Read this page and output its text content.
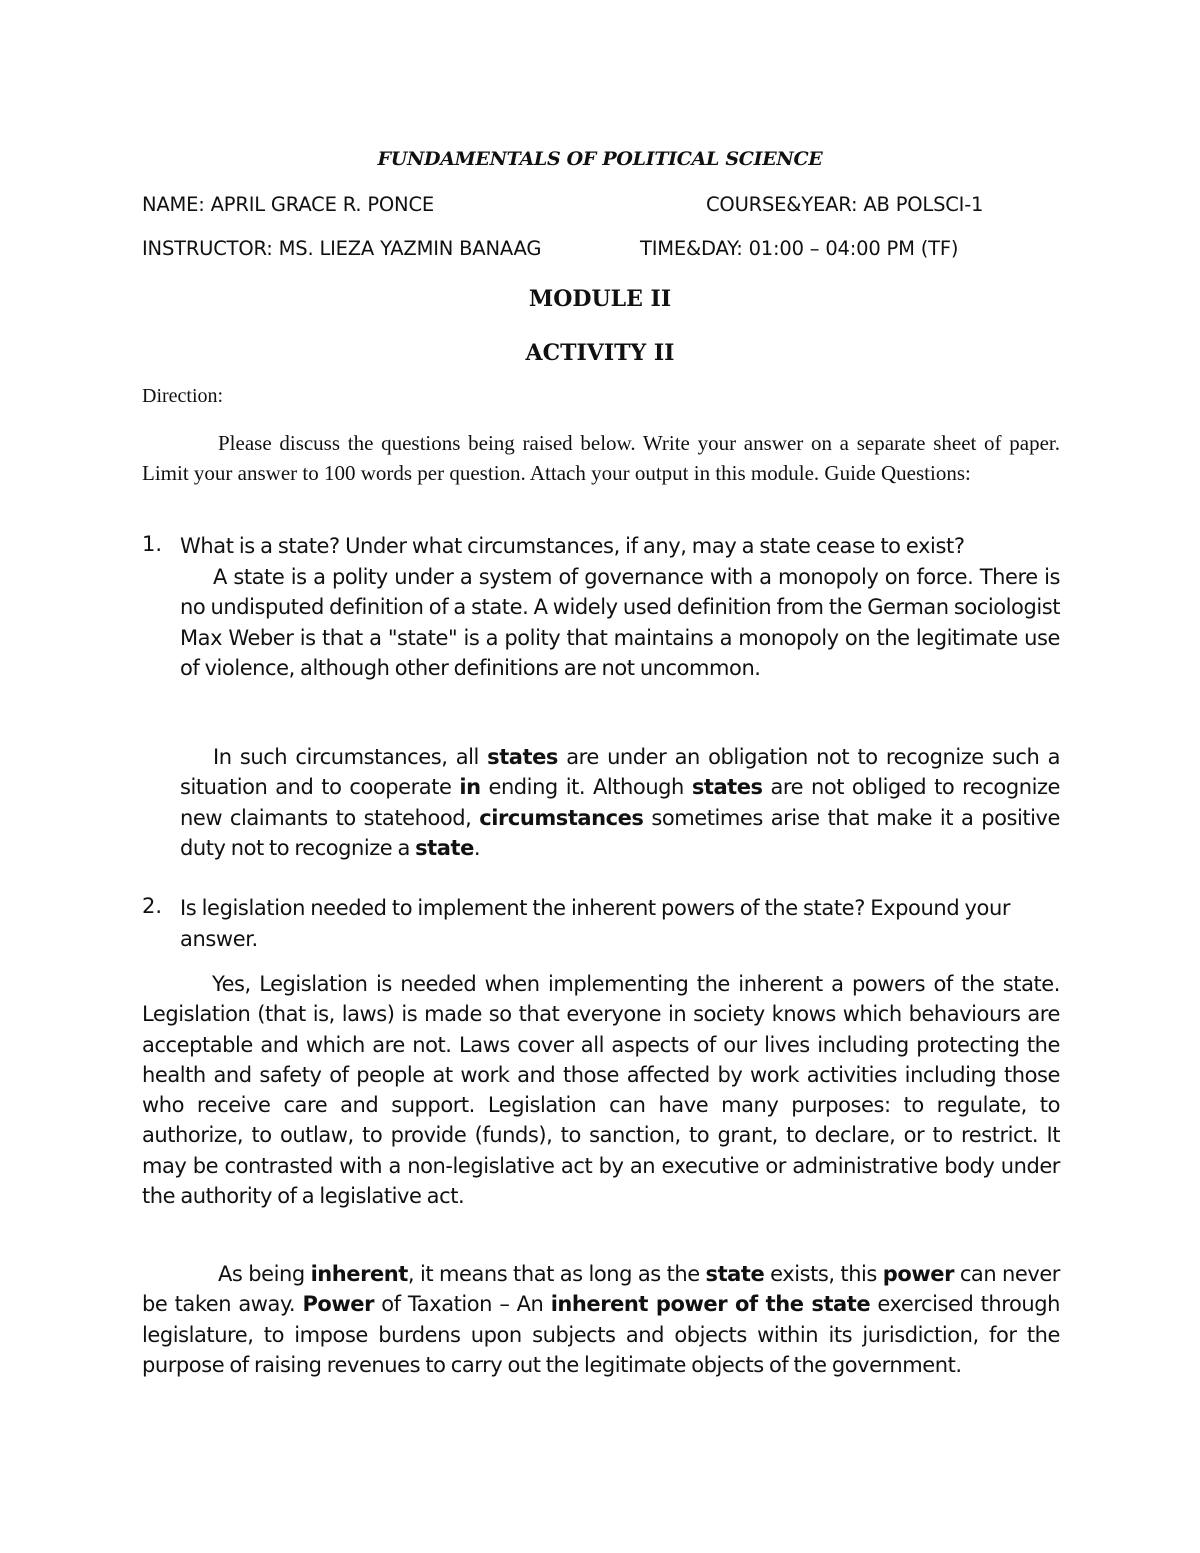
FUNDAMENTALS OF POLITICAL SCIENCE
NAME: APRIL GRACE R. PONCE	COURSE&YEAR: AB POLSCI-1
INSTRUCTOR: MS. LIEZA YAZMIN BANAAG	TIME&DAY: 01:00 – 04:00 PM (TF)
MODULE II
ACTIVITY II
Direction:
Please discuss the questions being raised below. Write your answer on a separate sheet of paper. Limit your answer to 100 words per question. Attach your output in this module. Guide Questions:
1. What is a state? Under what circumstances, if any, may a state cease to exist?
A state is a polity under a system of governance with a monopoly on force. There is no undisputed definition of a state. A widely used definition from the German sociologist Max Weber is that a "state" is a polity that maintains a monopoly on the legitimate use of violence, although other definitions are not uncommon.
In such circumstances, all states are under an obligation not to recognize such a situation and to cooperate in ending it. Although states are not obliged to recognize new claimants to statehood, circumstances sometimes arise that make it a positive duty not to recognize a state.
2. Is legislation needed to implement the inherent powers of the state? Expound your answer.
Yes, Legislation is needed when implementing the inherent a powers of the state. Legislation (that is, laws) is made so that everyone in society knows which behaviours are acceptable and which are not. Laws cover all aspects of our lives including protecting the health and safety of people at work and those affected by work activities including those who receive care and support. Legislation can have many purposes: to regulate, to authorize, to outlaw, to provide (funds), to sanction, to grant, to declare, or to restrict. It may be contrasted with a non-legislative act by an executive or administrative body under the authority of a legislative act.
As being inherent, it means that as long as the state exists, this power can never be taken away. Power of Taxation – An inherent power of the state exercised through legislature, to impose burdens upon subjects and objects within its jurisdiction, for the purpose of raising revenues to carry out the legitimate objects of the government.
